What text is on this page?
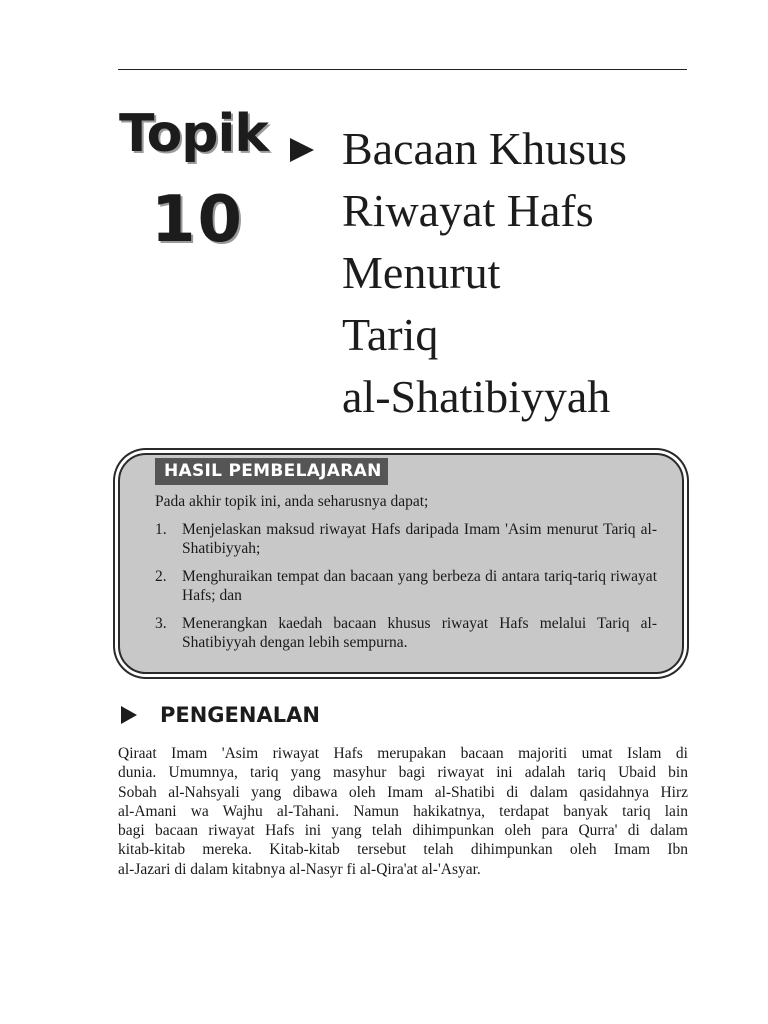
Topik
10
Bacaan Khusus
Riwayat Hafs
Menurut
Tariq
al-Shatibiyyah
HASIL PEMBELAJARAN
Pada akhir topik ini, anda seharusnya dapat;
1. Menjelaskan maksud riwayat Hafs daripada Imam 'Asim menurut Tariq al-Shatibiyyah;
2. Menghuraikan tempat dan bacaan yang berbeza di antara tariq-tariq riwayat Hafs; dan
3. Menerangkan kaedah bacaan khusus riwayat Hafs melalui Tariq al-Shatibiyyah dengan lebih sempurna.
PENGENALAN

Qiraat Imam 'Asim riwayat Hafs merupakan bacaan majoriti umat Islam di
dunia. Umumnya, tariq yang masyhur bagi riwayat ini adalah tariq Ubaid bin
Sobah al-Nahsyali yang dibawa oleh Imam al-Shatibi di dalam qasidahnya Hirz
al-Amani wa Wajhu al-Tahani. Namun hakikatnya, terdapat banyak tariq lain
bagi bacaan riwayat Hafs ini yang telah dihimpunkan oleh para Qurra' di dalam
kitab-kitab mereka. Kitab-kitab tersebut telah dihimpunkan oleh Imam Ibn
al-Jazari di dalam kitabnya al-Nasyr fi al-Qira'at al-'Asyar.
